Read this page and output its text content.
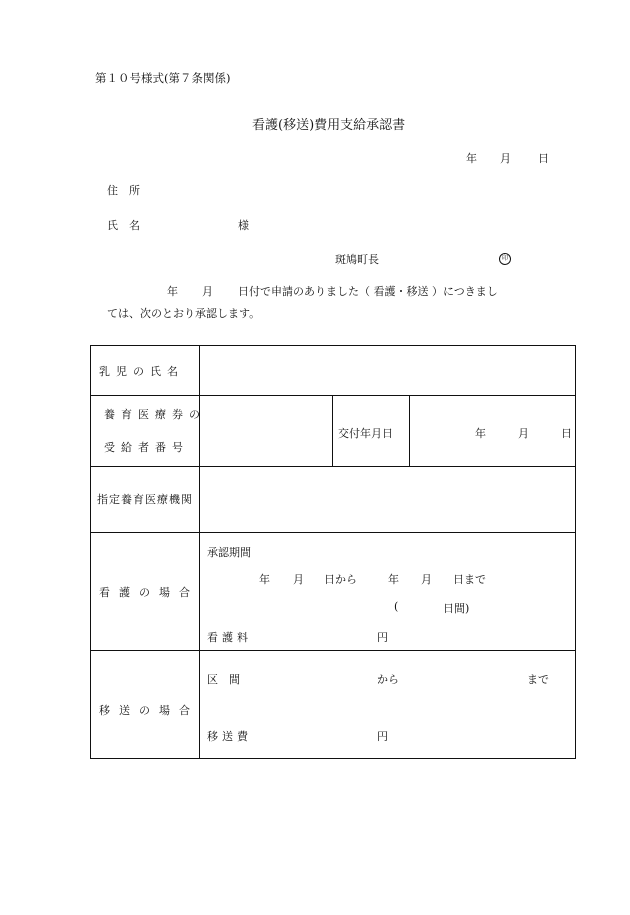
第１０号様式(第７条関係)
看護(移送)費用支給承認書
年 月 日
住　所
氏　名	様
斑鳩町長	印
年 月 日付で申請のありました（ 看護・移送 ）につきまし
ては、次のとおり承認します。
乳児の氏名
養育医療券の
受給者番号
交付年月日	年	月	日
指定養育医療機関
看護の場合
承認期間
年 月 日から	年 月 日まで
(	日間)
看護料	円
移送の場合
区　間	から	まで
移送費	円
